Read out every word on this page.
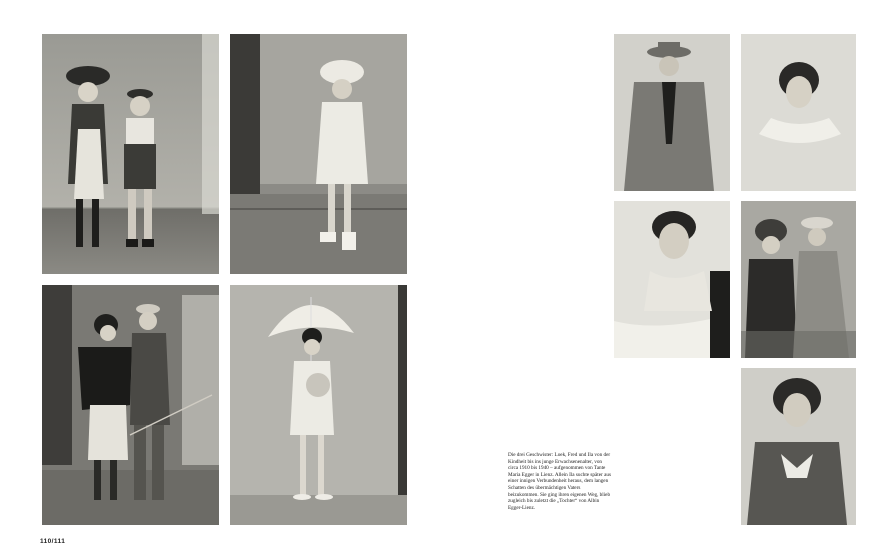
Die drei Geschwister: Loek, Fred und Ila von der Kindheit bis ins junge Erwachsenenalter, von circa 1910 bis 1940 – aufgenommen von Tante Maria Egger in Lienz. Allein Ila suchte später aus einer innigen Verbundenheit heraus, dem langen Schatten des übermächtigen Vaters beizukommen. Sie ging ihren eigenen Weg, blieb zugleich bis zuletzt die „Tochter“ von Albin Egger-Lienz.

110/111
